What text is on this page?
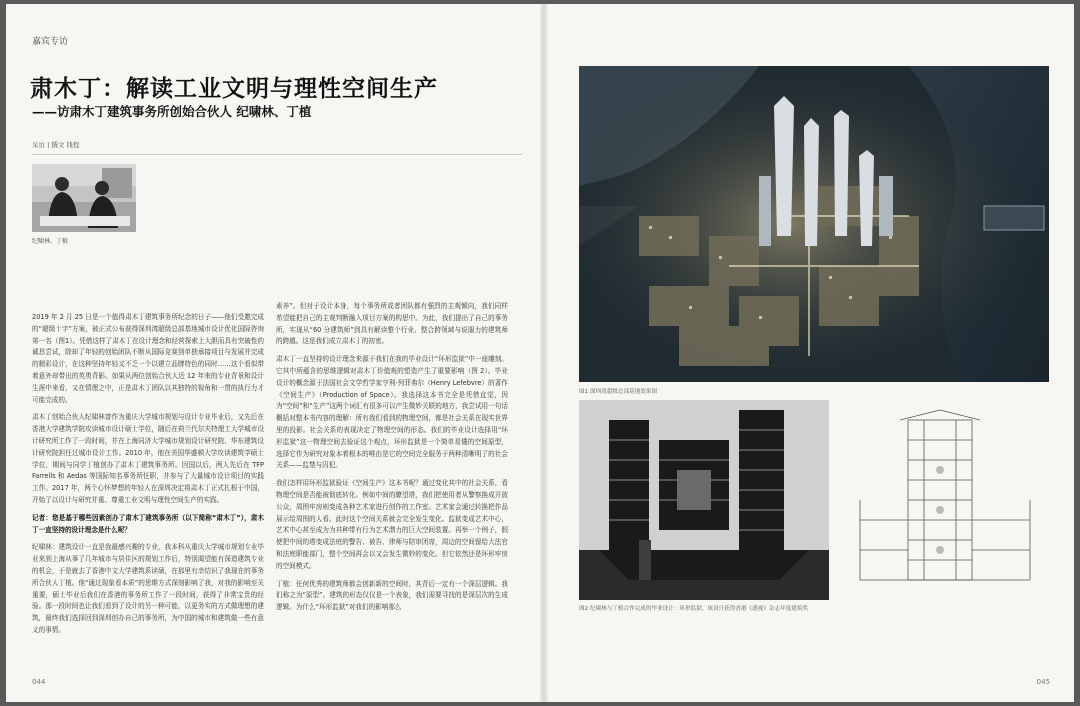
嘉宾专访
肃木丁：解读工业文明与理性空间生产
——访肃木丁建筑事务所创始合伙人 纪啸林、丁植
采访 | 撰文 钱程
纪啸林、丁植

2019 年 2 月 25 日是一个值得肃木丁建筑事务所纪念的日子——他们受邀完成的“超级十字”方案，被正式公布获得深圳湾超级总部基地城市设计优化国际咨询第一名（图1）。凭借这样了肃木丁在设计理念和经营探索上大胆而具有突破性的诚恳尝试，除却了年轻的创始团队不断从国际竞赛到单独承接项目与发展并完成的精彩设计，在这种坚持年轻又不乏一个以建立品牌特色的同时……这个看似带着意外却带出的英勇背影。如果从两位创始合伙人近 12 年来的专业背景和设计生涯中来看，又在情理之中，正是肃木丁团队以其独特的视角和一贯的执行力才可能完成的。

肃木丁创始合伙人纪啸林曾作为重庆大学城市规划与设计专业毕业后，又先后在香港大学建筑学院攻读城市设计硕士学位，随后在荷兰代尔夫特理工大学城市设计研究所工作了一段时间，并在上海同济大学城市规划设计研究院、华东建筑设计研究院担任过城市设计工作。2010 年，他在美国华盛顿大学攻读建筑学硕士学位，期间与同学丁植创办了肃木丁建筑事务所。回国以后，两人先后在 TFP Farrells 和 Aedas 等国际知名事务所任职，并参与了大量城市设计项目的实践工作。2017 年，两个心怀梦想的年轻人在深圳决定将肃木丁正式扎根于中国，开始了以设计与研究并重、尊重工业文明与理性空间生产的实践。

记者：您是基于哪些因素创办了肃木丁建筑事务所（以下简称“肃木丁”），肃木丁一直坚持的设计理念是什么呢？

纪啸林：建筑设计一直是我最感兴趣的专业，我本科从重庆大学城市规划专业毕业来到上海从事了几年城市与居住区的规划工作后，特别渴望能有深造建筑专业的机会，于是就去了香港中文大学建筑系读硕，在那里有幸结识了我现在的事务所合伙人丁植。他“通过现象看本质”的思维方式深刻影响了我，对我的影响至关重要，硕士毕业后我们在香港的事务所工作了一段时间，获得了非常宝贵的经验。那一段时间也让我们看到了设计的另一种可能，以更务实的方式做理想的建筑，最终我们选择回到深圳创办自己的事务所，为中国的城市和建筑做一些有意义的事情。

素养”。但对于设计本身，每个事务所或者团队都有强烈的主观倾向，我们同样希望能把自己的主观判断融入项目方案的构思中。为此，我们提出了自己的事务所，实现从“60 分建筑师”到具有解读整个行业、整合跨领域与说服力的建筑师的跨越。这是我们成立肃木丁的初衷。

肃木丁一直坚持的设计理念来源于我们在我的毕业设计“环形监狱”中一座雕刻。它其中所蕴含的思维逻辑对肃木丁价值观的塑造产生了重要影响（图 2）。毕业设计的概念源于法国社会文学哲学家亨利·列菲弗尔（Henry Lefebvre）的著作《空间生产》（Production of Space）。我选择这本书完全是凭借直觉，因为“空间”和“生产”这两个词汇有很多可以产生微妙关联的地方，我尝试用一句话概括对整本书内容的理解：所有我们看到的物理空间，都是社会关系在现实世界里的投影。社会关系的表现决定了物理空间的形态。我们的毕业设计选择用“环形监狱”这一物理空间去验证这个观点，环形监狱是一个简单易懂的空间原型，选择它作为研究对象本着根本的唯由是它的空间完全服务于两种清晰明了的社会关系——监禁与囚犯。

我们怎样用环形监狱验证《空间生产》这本书呢？通过变化其中的社会关系，看物理空间是否能被彻底转化。例如中间的瞭望塔，我们把使用者从警察换成开放公众，周围牢房则变成各种艺术家进行创作的工作室。艺术家会通过转换把作品展示给周围的人看。此时这个空间关系就会完全发生变化。监狱变成艺术中心，艺术中心甚至成为为其种带有行为艺术潜力的巨大空间装置。再举一个例子，假使把中间的塔变成法庭的警告、被告、律师与陪审团席，周边的空间留给大法官和法庭职能部门，整个空间再会以又会发生微妙的变化。但它依然还是环形牢房的空间模式。

丁植：任何优秀的建筑师都会创新新的空间时，其背后一定有一个深层逻辑。我们称之为“原型”。建筑的形态仅仅是一个表象，我们需要寻找的是深层次的生成逻辑。为什么“环形监狱”对我们的影响那么

044
图1 深圳湾超级总部基地效果图
图2 纪啸林与丁植合作完成的毕业设计：环形监狱。该设计获得香港《透视》杂志年度建筑奖
045
